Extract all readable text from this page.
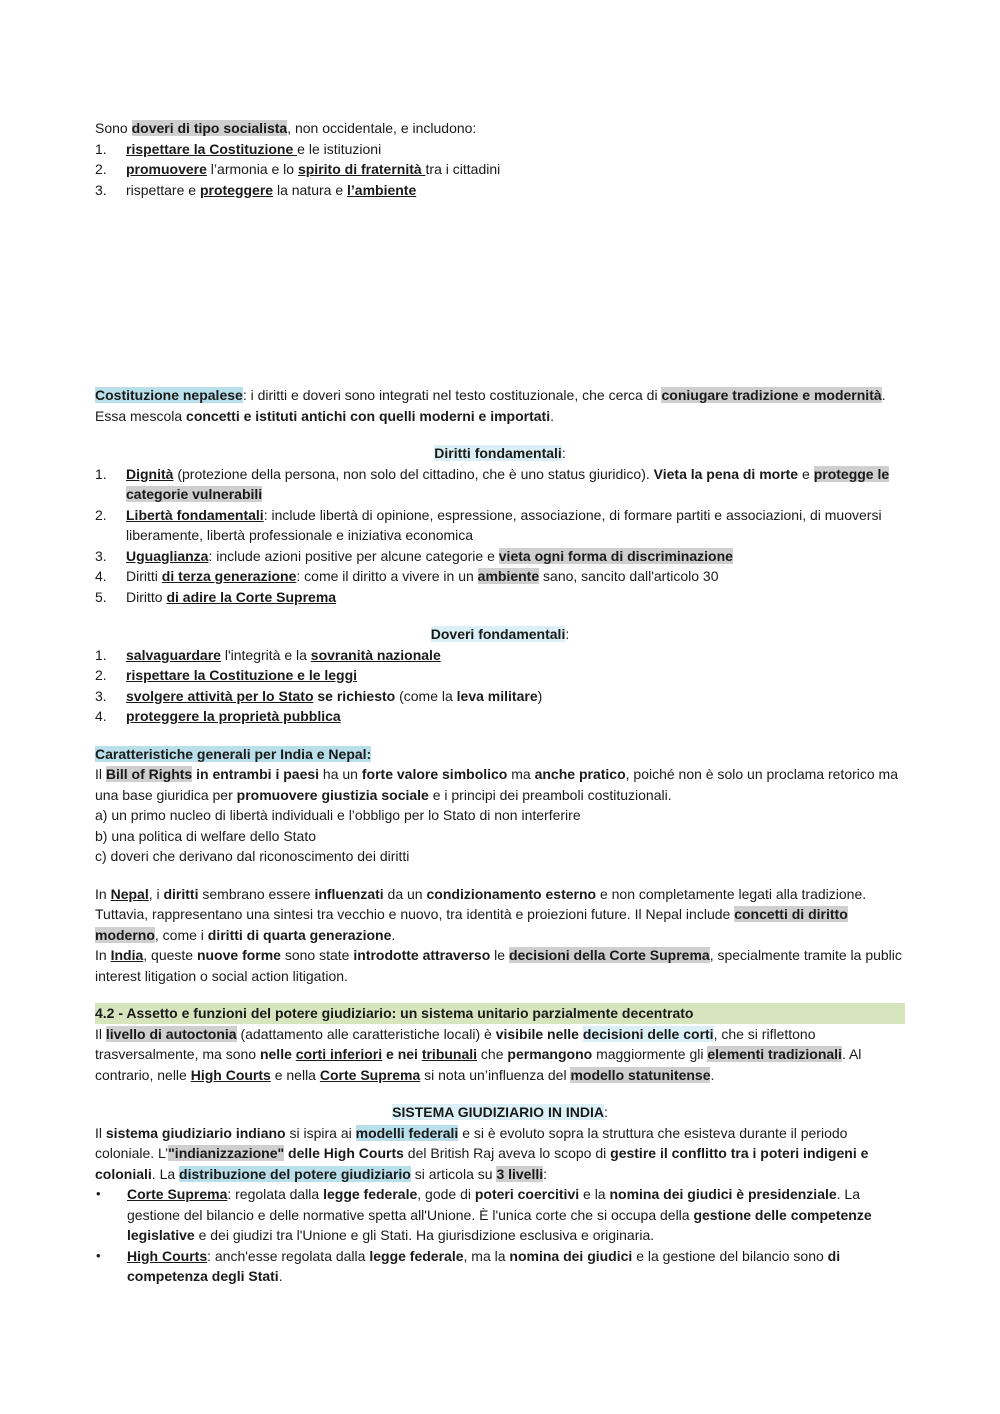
Sono doveri di tipo socialista, non occidentale, e includono:

1.	rispettare la Costituzione e le istituzioni
2.	promuovere l’armonia e lo spirito di fraternità tra i cittadini
3.	rispettare e proteggere la natura e l’ambiente

Costituzione nepalese: i diritti e doveri sono integrati nel testo costituzionale, che cerca di coniugare tradizione e modernità. Essa mescola concetti e istituti antichi con quelli moderni e importati.

Diritti fondamentali:

1.	Dignità (protezione della persona, non solo del cittadino, che è uno status giuridico). Vieta la pena di morte e protegge le categorie vulnerabili
2.	Libertà fondamentali: include libertà di opinione, espressione, associazione, di formare partiti e associazioni, di muoversi liberamente, libertà professionale e iniziativa economica
3.	Uguaglianza: include azioni positive per alcune categorie e vieta ogni forma di discriminazione
4.	Diritti di terza generazione: come il diritto a vivere in un ambiente sano, sancito dall'articolo 30
5.	Diritto di adire la Corte Suprema

Doveri fondamentali:

1.	salvaguardare l'integrità e la sovranità nazionale
2.	rispettare la Costituzione e le leggi
3.	svolgere attività per lo Stato se richiesto (come la leva militare)
4.	proteggere la proprietà pubblica

Caratteristiche generali per India e Nepal:

Il Bill of Rights in entrambi i paesi ha un forte valore simbolico ma anche pratico, poiché non è solo un proclama retorico ma una base giuridica per promuovere giustizia sociale e i principi dei preamboli costituzionali.

a) un primo nucleo di libertà individuali e l’obbligo per lo Stato di non interferire

b) una politica di welfare dello Stato

c) doveri che derivano dal riconoscimento dei diritti

In Nepal, i diritti sembrano essere influenzati da un condizionamento esterno e non completamente legati alla tradizione. Tuttavia, rappresentano una sintesi tra vecchio e nuovo, tra identità e proiezioni future. Il Nepal include concetti di diritto moderno, come i diritti di quarta generazione.

In India, queste nuove forme sono state introdotte attraverso le decisioni della Corte Suprema, specialmente tramite la public interest litigation o social action litigation.

4.2 - Assetto e funzioni del potere giudiziario: un sistema unitario parzialmente decentrato

Il livello di autoctonia (adattamento alle caratteristiche locali) è visibile nelle decisioni delle corti, che si riflettono trasversalmente, ma sono nelle corti inferiori e nei tribunali che permangono maggiormente gli elementi tradizionali. Al contrario, nelle High Courts e nella Corte Suprema si nota un’influenza del modello statunitense.

SISTEMA GIUDIZIARIO IN INDIA:

Il sistema giudiziario indiano si ispira ai modelli federali e si è evoluto sopra la struttura che esisteva durante il periodo coloniale. L’"indianizzazione" delle High Courts del British Raj aveva lo scopo di gestire il conflitto tra i poteri indigeni e coloniali. La distribuzione del potere giudiziario si articola su 3 livelli:

•	Corte Suprema: regolata dalla legge federale, gode di poteri coercitivi e la nomina dei giudici è presidenziale. La gestione del bilancio e delle normative spetta all'Unione. È l'unica corte che si occupa della gestione delle competenze legislative e dei giudizi tra l'Unione e gli Stati. Ha giurisdizione esclusiva e originaria.
•	High Courts: anch'esse regolata dalla legge federale, ma la nomina dei giudici e la gestione del bilancio sono di competenza degli Stati.
